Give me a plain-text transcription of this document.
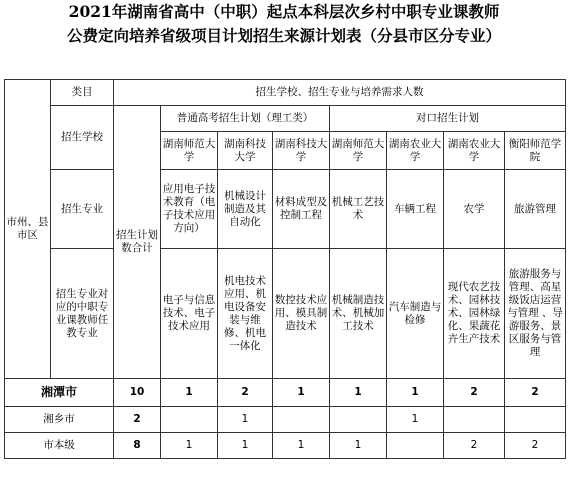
2021年湖南省高中（中职）起点本科层次乡村中职专业课教师
公费定向培养省级项目计划招生来源计划表（分县市区分专业）
市州、县市区	类目	招生学校、招生专业与培养需求人数							
	招生学校	招生计划数合计	普通高考招生计划（理工类）			对口招生计划			
			湖南师范大学	湖南科技大学	湖南科技大学	湖南师范大学	湖南农业大学	湖南农业大学	衡阳师范学院
	招生专业		应用电子技术教育（电子技术应用方向）	机械设计制造及其自动化	材料成型及 控制工程	机械工艺技术	车辆工程	农学	旅游管理
	招生专业对应的中职专业课教师任教专业		电子与信息技术、电子技术应用	机电技术应用、机电设备安装与维修、机电一体化	数控技术应用、模具制造技术	机械制造技术、机械加工技术	汽车制造与检修	现代农艺技术、园林技术、园林绿化、果蔬花卉生产技术	旅游服务与管理、高星级饭店运营与管理 、导游服务、景区服务与管理
湘潭市		10	1	2	1	1	1	2	2
湘乡市		2		1			1		
市本级		8	1	1	1	1		2	2
